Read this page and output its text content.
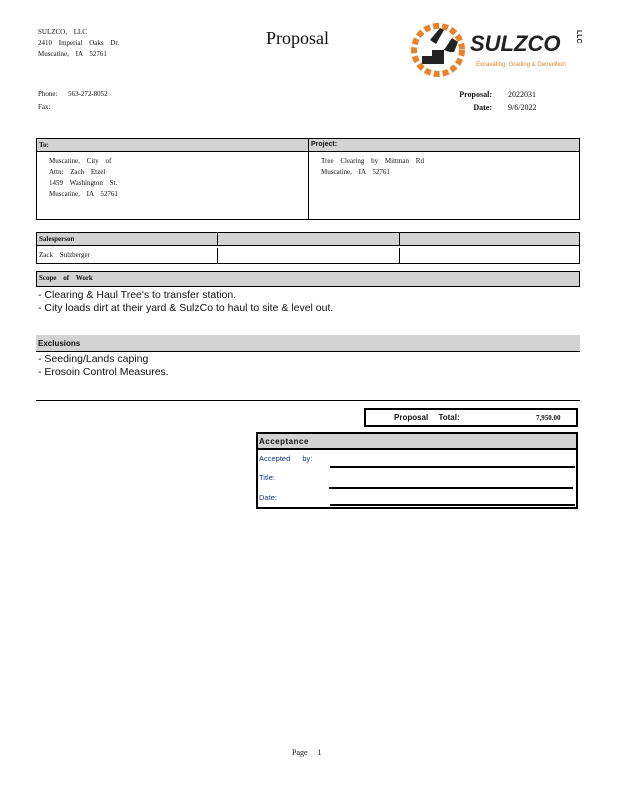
SULZCO, LLC
2410 Imperial Oaks Dr.
Muscatine, IA 52761
Proposal	SULZCO LLC
Excavating, Grading & Demolition
Phone: 563-272-8052
Fax:
Proposal:
Date:
2022031
9/6/2022
To:
Muscatine, City of
Attn: Zach Etzel
1459 Washington St.
Muscatine, IA 52761
Project:
Tree Clearing by Mittman Rd
Muscatine, IA 52761
Salesperson
Zack Sulzberger
Scope of Work
- Clearing & Haul Tree's to transfer station.
- City loads dirt at their yard & SulzCo to haul to site & level out.
Exclusions
- Seeding/Lands caping
- Erosoin Control Measures.
Proposal Total:	7,950.00
Acceptance
Accepted by:
Title:
Date:
Page 1
